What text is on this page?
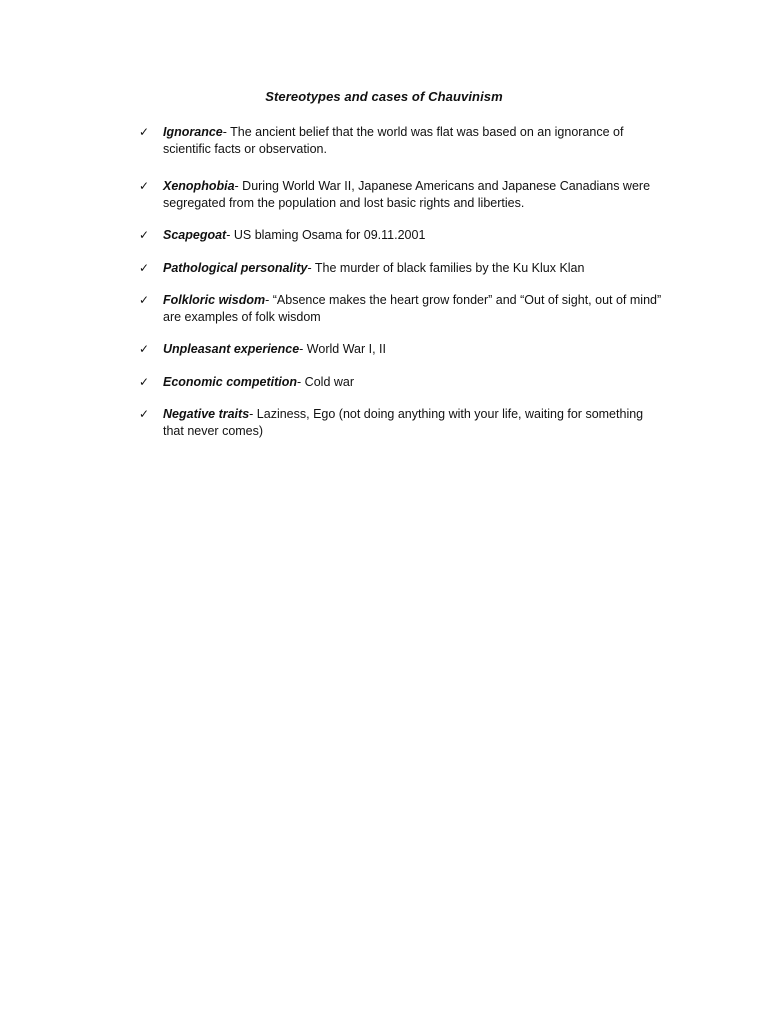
Stereotypes and cases of Chauvinism
✓ Ignorance- The ancient belief that the world was flat was based on an ignorance of scientific facts or observation.
✓ Xenophobia- During World War II, Japanese Americans and Japanese Canadians were segregated from the population and lost basic rights and liberties.
✓ Scapegoat- US blaming Osama for 09.11.2001
✓ Pathological personality- The murder of black families by the Ku Klux Klan
✓ Folkloric wisdom- “Absence makes the heart grow fonder” and “Out of sight, out of mind” are examples of folk wisdom
✓ Unpleasant experience- World War I, II
✓ Economic competition- Cold war
✓ Negative traits- Laziness, Ego (not doing anything with your life, waiting for something that never comes)
